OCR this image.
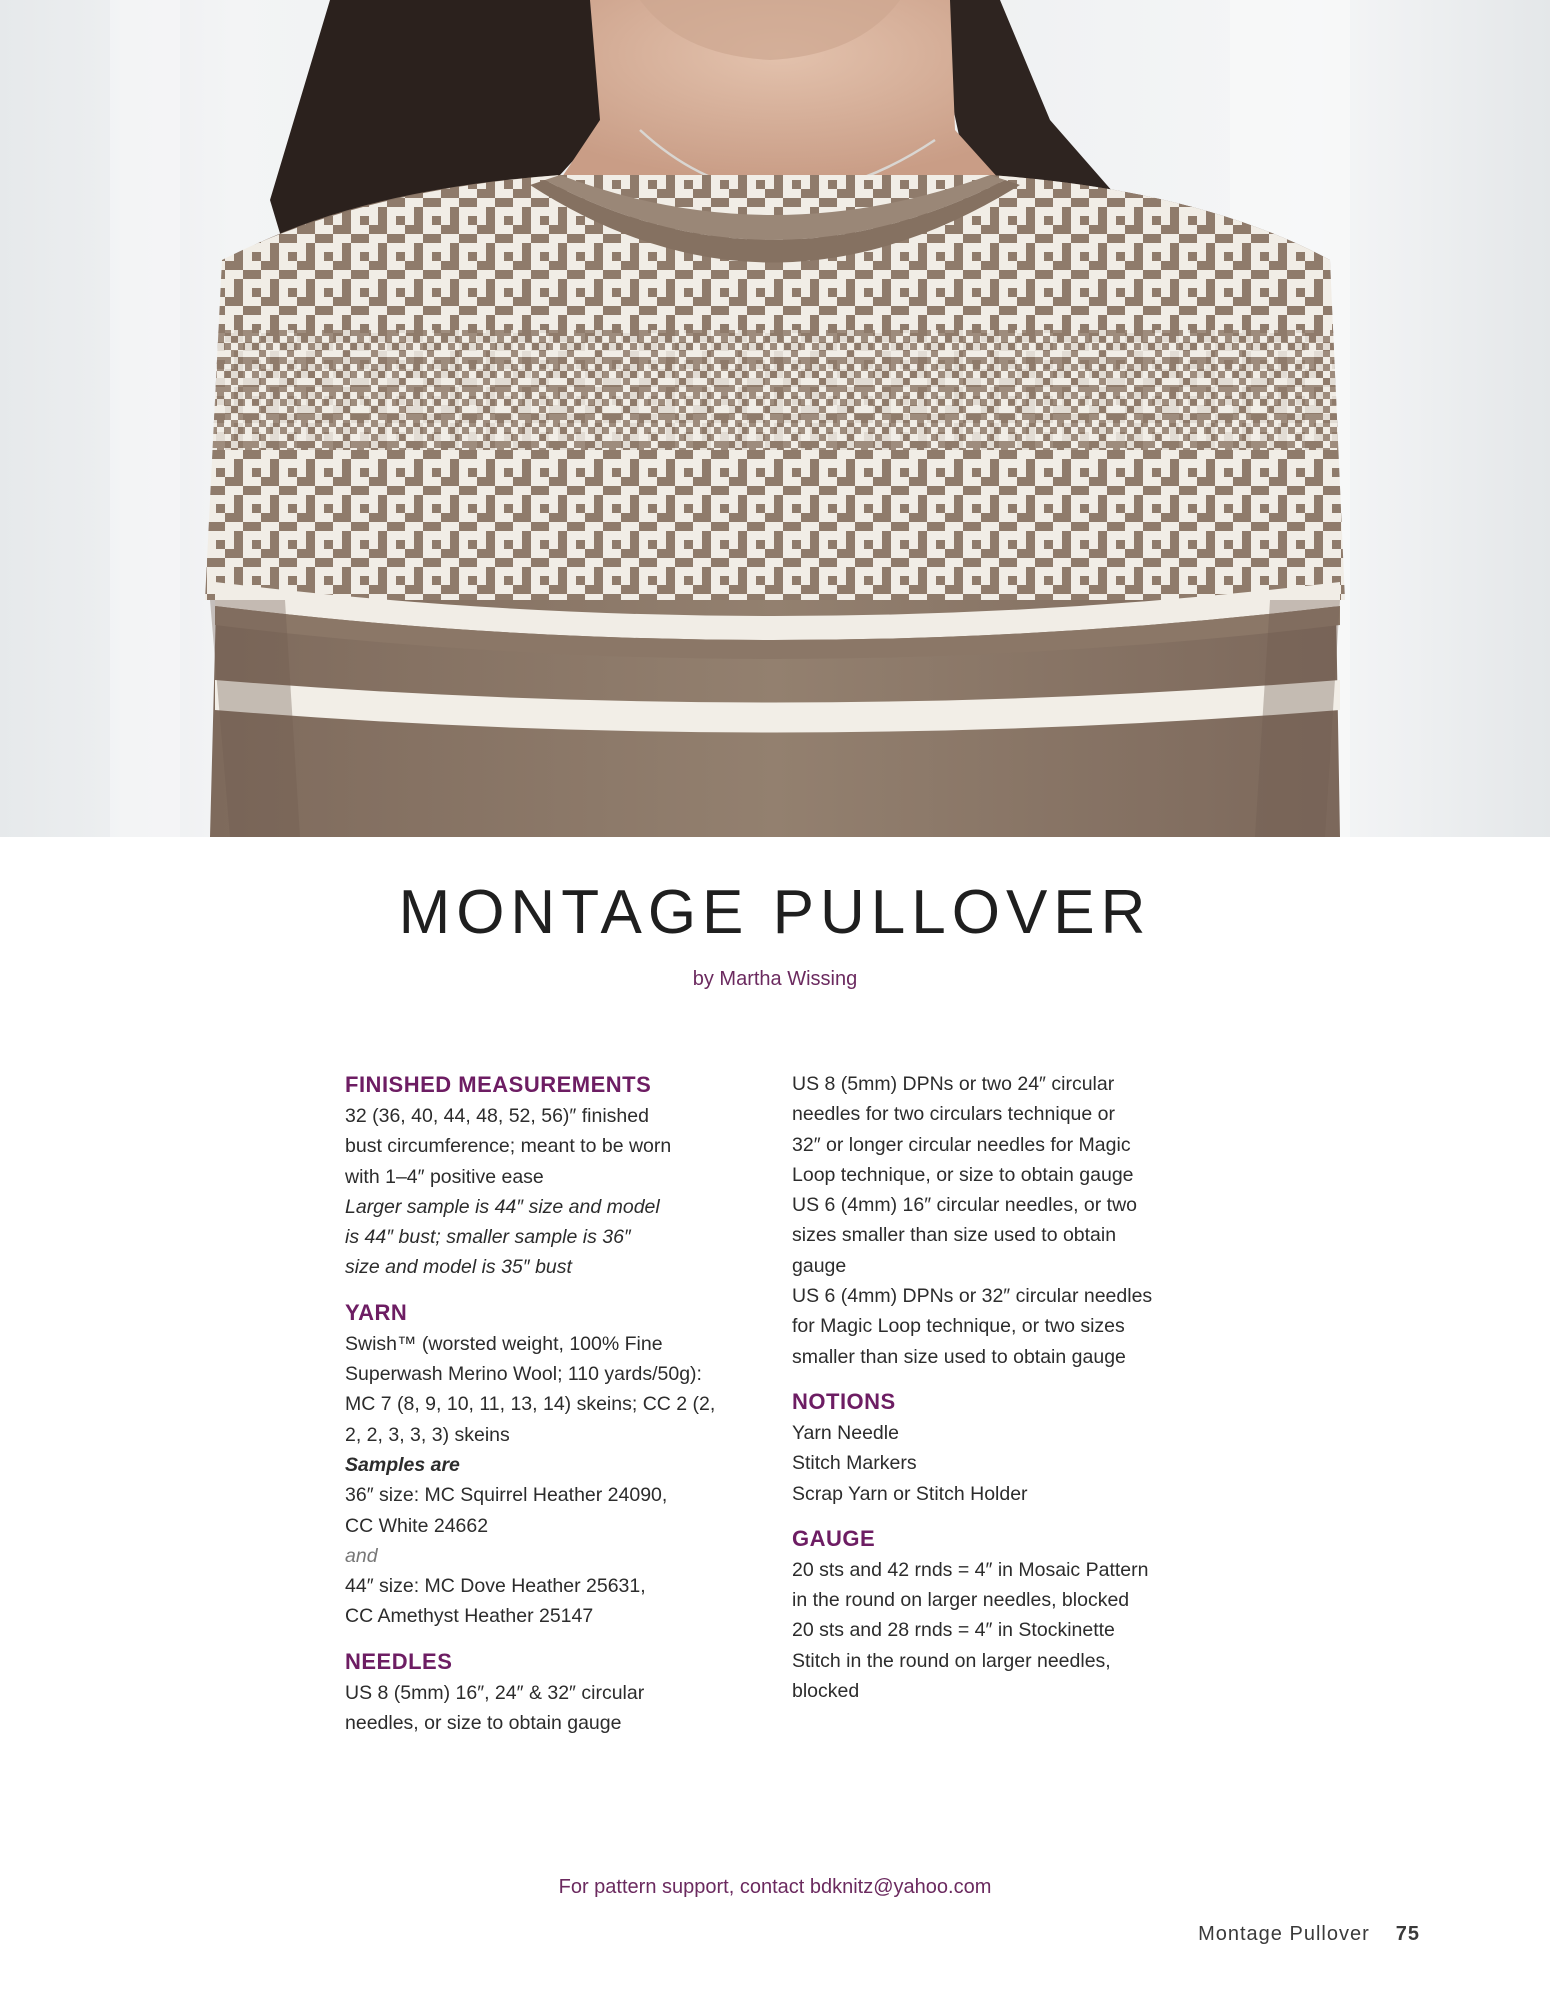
MONTAGE PULLOVER
by Martha Wissing
FINISHED MEASUREMENTS
32 (36, 40, 44, 48, 52, 56)″ finished
bust circumference; meant to be worn
with 1–4″ positive ease
Larger sample is 44″ size and model
is 44″ bust; smaller sample is 36″
size and model is 35″ bust
YARN
Swish™ (worsted weight, 100% Fine
Superwash Merino Wool; 110 yards/50g):
MC 7 (8, 9, 10, 11, 13, 14) skeins; CC 2 (2,
2, 2, 3, 3, 3) skeins
Samples are
36″ size: MC Squirrel Heather 24090,
CC White 24662
and
44″ size: MC Dove Heather 25631,
CC Amethyst Heather 25147
NEEDLES
US 8 (5mm) 16″, 24″ & 32″ circular
needles, or size to obtain gauge
US 8 (5mm) DPNs or two 24″ circular
needles for two circulars technique or
32″ or longer circular needles for Magic
Loop technique, or size to obtain gauge
US 6 (4mm) 16″ circular needles, or two
sizes smaller than size used to obtain
gauge
US 6 (4mm) DPNs or 32″ circular needles
for Magic Loop technique, or two sizes
smaller than size used to obtain gauge
NOTIONS
Yarn Needle
Stitch Markers
Scrap Yarn or Stitch Holder
GAUGE
20 sts and 42 rnds = 4″ in Mosaic Pattern
in the round on larger needles, blocked
20 sts and 28 rnds = 4″ in Stockinette
Stitch in the round on larger needles,
blocked
For pattern support, contact bdknitz@yahoo.com
Montage Pullover 75
